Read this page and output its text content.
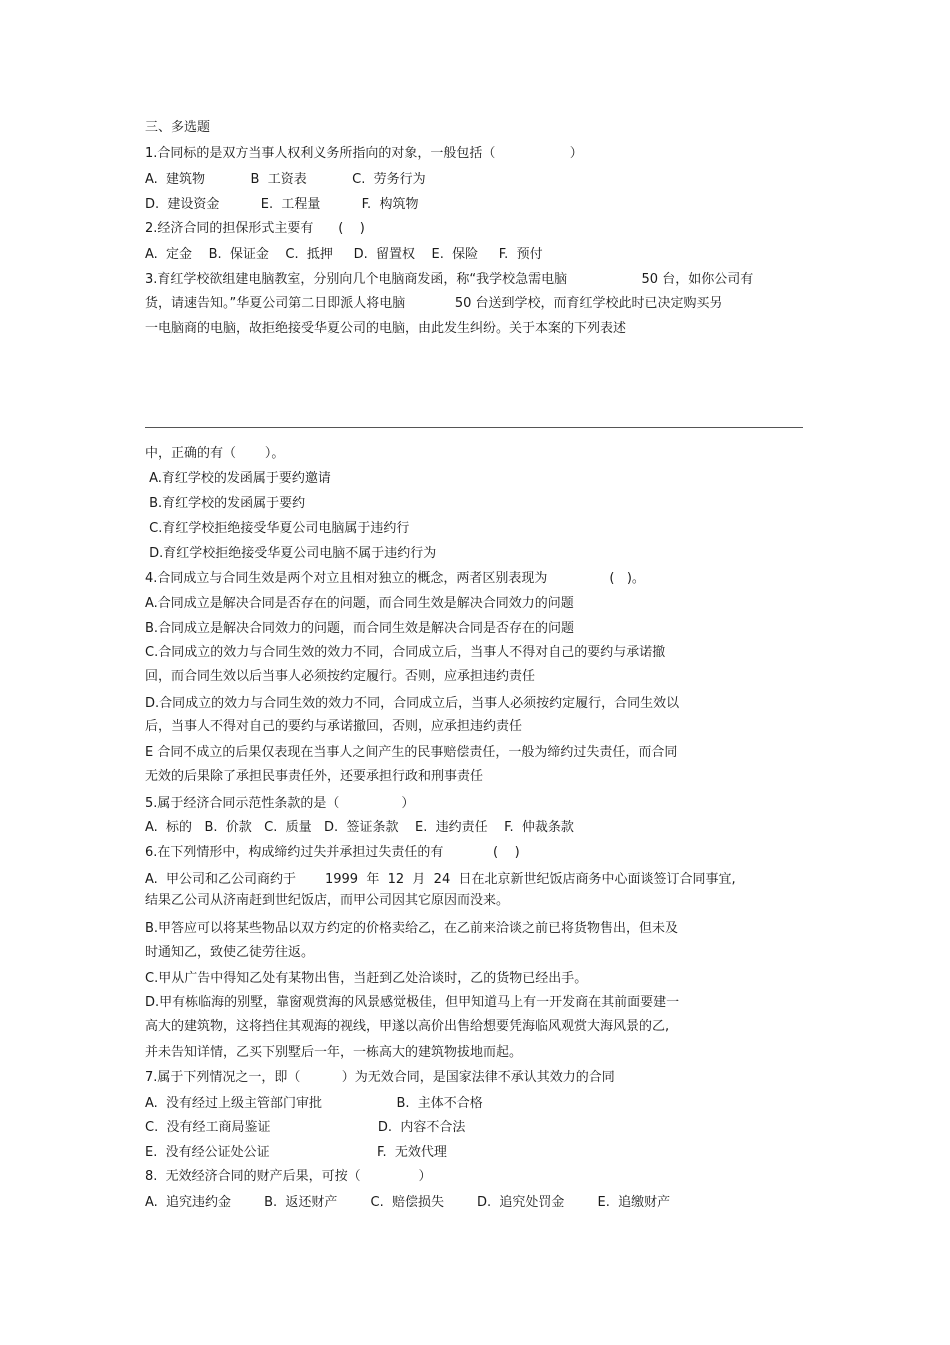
三、多选题
1.合同标的是双方当事人权利义务所指向的对象，一般包括（                  ）
A.  建筑物           B  工资表           C.  劳务行为
D.  建设资金          E.  工程量          F.  构筑物
2.经济合同的担保形式主要有      (    )
A.  定金    B.  保证金    C.  抵押     D.  留置权    E.  保险     F.  预付
3.育红学校欲组建电脑教室，分别向几个电脑商发函，称“我学校急需电脑                  50 台，如你公司有
货，请速告知。”华夏公司第二日即派人将电脑            50 台送到学校，而育红学校此时已决定购买另
一电脑商的电脑，故拒绝接受华夏公司的电脑，由此发生纠纷。关于本案的下列表述
中，正确的有（       ）。
A.育红学校的发函属于要约邀请
B.育红学校的发函属于要约
C.育红学校拒绝接受华夏公司电脑属于违约行
D.育红学校拒绝接受华夏公司电脑不属于违约行为
4.合同成立与合同生效是两个对立且相对独立的概念，两者区别表现为               (   )。
A.合同成立是解决合同是否存在的问题，而合同生效是解决合同效力的问题
B.合同成立是解决合同效力的问题，而合同生效是解决合同是否存在的问题
C.合同成立的效力与合同生效的效力不同，合同成立后，当事人不得对自己的要约与承诺撤
回，而合同生效以后当事人必须按约定履行。否则，应承担违约责任
D.合同成立的效力与合同生效的效力不同，合同成立后，当事人必须按约定履行，合同生效以
后，当事人不得对自己的要约与承诺撤回，否则，应承担违约责任
E 合同不成立的后果仅表现在当事人之间产生的民事赔偿责任，一般为缔约过失责任，而合同
无效的后果除了承担民事责任外，还要承担行政和刑事责任
5.属于经济合同示范性条款的是（               ）
A.  标的   B.  价款   C.  质量   D.  签证条款    E.  违约责任    F.  仲裁条款
6.在下列情形中，构成缔约过失并承担过失责任的有            (    )
A.  甲公司和乙公司商约于       1999  年  12  月  24  日在北京新世纪饭店商务中心面谈签订合同事宜,
结果乙公司从济南赶到世纪饭店，而甲公司因其它原因而没来。
B.甲答应可以将某些物品以双方约定的价格卖给乙，在乙前来洽谈之前已将货物售出，但未及
时通知乙，致使乙徒劳往返。
C.甲从广告中得知乙处有某物出售，当赶到乙处洽谈时，乙的货物已经出手。
D.甲有栋临海的别墅，靠窗观赏海的风景感觉极佳，但甲知道马上有一开发商在其前面要建一
高大的建筑物，这将挡住其观海的视线，甲遂以高价出售给想要凭海临风观赏大海风景的乙,
并未告知详情，乙买下别墅后一年，一栋高大的建筑物拔地而起。
7.属于下列情况之一，即（          ）为无效合同，是国家法律不承认其效力的合同
A.  没有经过上级主管部门审批                  B.  主体不合格
C.  没有经工商局鉴证                          D.  内容不合法
E.  没有经公证处公证                          F.  无效代理
8.  无效经济合同的财产后果，可按（              ）
A.  追究违约金        B.  返还财产        C.  赔偿损失        D.  追究处罚金        E.  追缴财产
